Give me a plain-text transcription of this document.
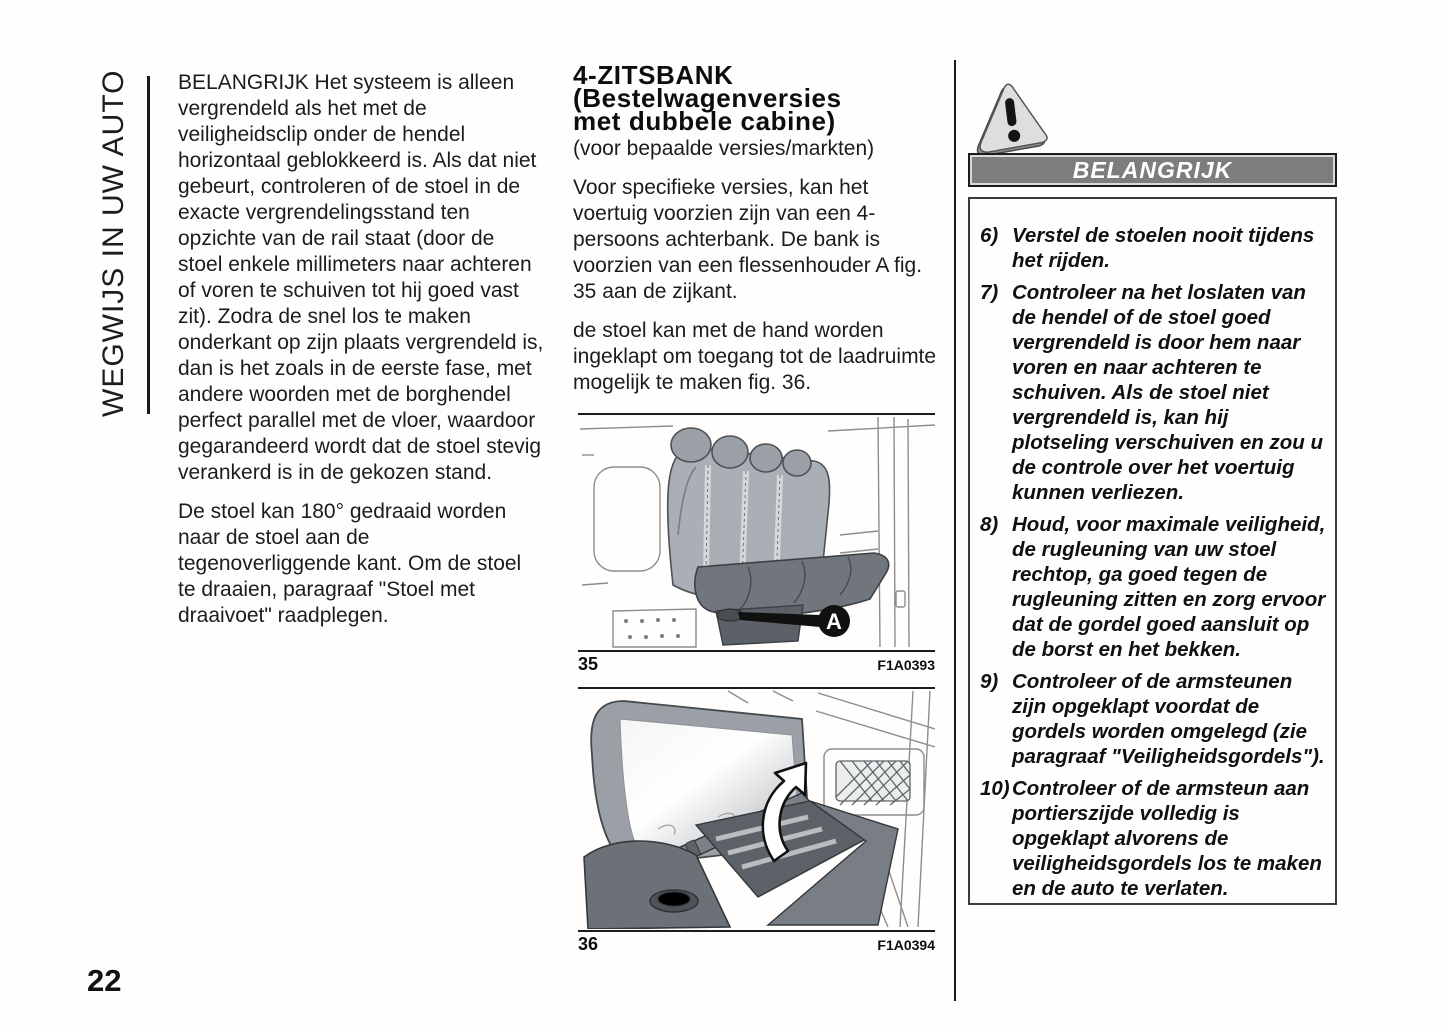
WEGWIJS IN UW AUTO
22

BELANGRIJK Het systeem is alleen vergrendeld als het met de veiligheidsclip onder de hendel horizontaal geblokkeerd is. Als dat niet gebeurt, controleren of de stoel in de exacte vergrendelingsstand ten opzichte van de rail staat (door de stoel enkele millimeters naar achteren of voren te schuiven tot hij goed vast zit). Zodra de snel los te maken onderkant op zijn plaats vergrendeld is, dan is het zoals in de eerste fase, met andere woorden met de borghendel perfect parallel met de vloer, waardoor gegarandeerd wordt dat de stoel stevig verankerd is in de gekozen stand.

De stoel kan 180° gedraaid worden naar de stoel aan de tegenoverliggende kant. Om de stoel te draaien, paragraaf "Stoel met draaivoet" raadplegen.

4-ZITSBANK
(Bestelwagenversies
met dubbele cabine)
(voor bepaalde versies/markten)

Voor specifieke versies, kan het voertuig voorzien zijn van een 4-persoons achterbank. De bank is voorzien van een flessenhouder A fig. 35 aan de zijkant.

de stoel kan met de hand worden ingeklapt om toegang tot de laadruimte mogelijk te maken fig. 36.

A
35	F1A0393
36	F1A0394
BELANGRIJK
6) Verstel de stoelen nooit tijdens het rijden.
7) Controleer na het loslaten van de hendel of de stoel goed vergrendeld is door hem naar voren en naar achteren te schuiven. Als de stoel niet vergrendeld is, kan hij plotseling verschuiven en zou u de controle over het voertuig kunnen verliezen.
8) Houd, voor maximale veiligheid, de rugleuning van uw stoel rechtop, ga goed tegen de rugleuning zitten en zorg ervoor dat de gordel goed aansluit op de borst en het bekken.
9) Controleer of de armsteunen zijn opgeklapt voordat de gordels worden omgelegd (zie paragraaf "Veiligheidsgordels").
10) Controleer of de armsteun aan portierszijde volledig is opgeklapt alvorens de veiligheidsgordels los te maken en de auto te verlaten.
